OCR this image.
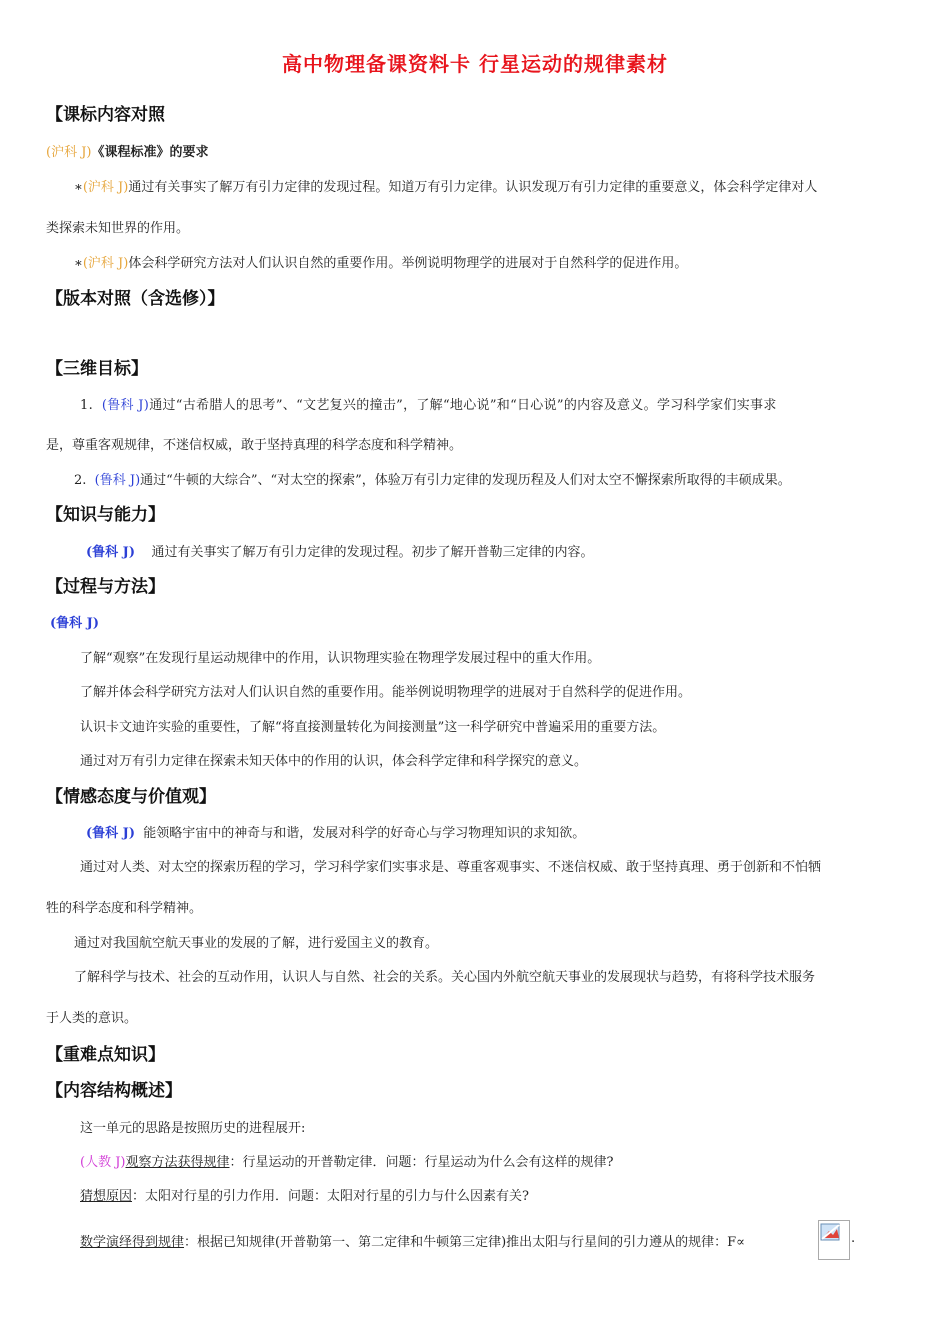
高中物理备课资料卡 行星运动的规律素材
【课标内容对照
(沪科 J)《课程标准》的要求
∗(沪科 J)通过有关事实了解万有引力定律的发现过程。知道万有引力定律。认识发现万有引力定律的重要意义，体会科学定律对人
类探索未知世界的作用。
∗(沪科 J)体会科学研究方法对人们认识自然的重要作用。举例说明物理学的进展对于自然科学的促进作用。
【版本对照（含选修）】
【三维目标】
1. (鲁科 J)通过“古希腊人的思考”、“文艺复兴的撞击”，了解“地心说”和“日心说”的内容及意义。学习科学家们实事求
是，尊重客观规律，不迷信权威，敢于坚持真理的科学态度和科学精神。
2. (鲁科 J)通过“牛顿的大综合”、“对太空的探索”，体验万有引力定律的发现历程及人们对太空不懈探索所取得的丰硕成果。
【知识与能力】
(鲁科 J) 通过有关事实了解万有引力定律的发现过程。初步了解开普勒三定律的内容。
【过程与方法】
(鲁科 J)
了解“观察”在发现行星运动规律中的作用，认识物理实验在物理学发展过程中的重大作用。
了解并体会科学研究方法对人们认识自然的重要作用。能举例说明物理学的进展对于自然科学的促进作用。
认识卡文迪许实验的重要性，了解“将直接测量转化为间接测量”这一科学研究中普遍采用的重要方法。
通过对万有引力定律在探索未知天体中的作用的认识，体会科学定律和科学探究的意义。
【情感态度与价值观】
(鲁科 J) 能领略宇宙中的神奇与和谐，发展对科学的好奇心与学习物理知识的求知欲。
通过对人类、对太空的探索历程的学习，学习科学家们实事求是、尊重客观事实、不迷信权威、敢于坚持真理、勇于创新和不怕牺
牲的科学态度和科学精神。
通过对我国航空航天事业的发展的了解，进行爱国主义的教育。
了解科学与技术、社会的互动作用，认识人与自然、社会的关系。关心国内外航空航天事业的发展现状与趋势，有将科学技术服务
于人类的意识。
【重难点知识】
【内容结构概述】
这一单元的思路是按照历史的进程展开:
(人教 J)观察方法获得规律：行星运动的开普勒定律．问题：行星运动为什么会有这样的规律?
猜想原因：太阳对行星的引力作用．问题：太阳对行星的引力与什么因素有关?
数学演绎得到规律：根据已知规律(开普勒第一、第二定律和牛顿第三定律)推出太阳与行星间的引力遵从的规律：F∝	.
